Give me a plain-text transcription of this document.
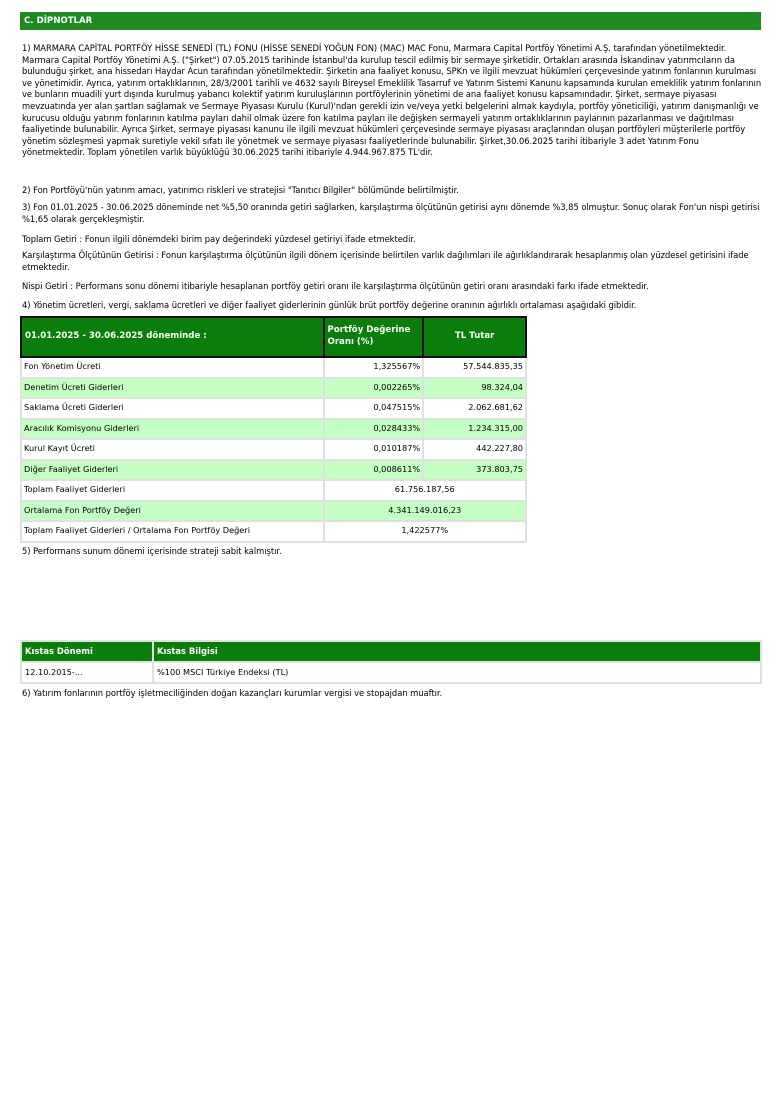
C. DİPNOTLAR
1) MARMARA CAPİTAL PORTFÖY HİSSE SENEDİ (TL) FONU (HİSSE SENEDİ YOĞUN FON) (MAC) MAC Fonu, Marmara Capital Portföy Yönetimi A.Ş. tarafından yönetilmektedir. Marmara Capital Portföy Yönetimi A.Ş. ("Şirket") 07.05.2015 tarihinde İstanbul'da kurulup tescil edilmiş bir sermaye şirketidir. Ortakları arasında İskandinav yatırımcıların da bulunduğu şirket, ana hissedarı Haydar Acun tarafından yönetilmektedir. Şirketin ana faaliyet konusu, SPKn ve ilgili mevzuat hükümleri çerçevesinde yatırım fonlarının kurulması ve yönetimidir. Ayrıca, yatırım ortaklıklarının, 28/3/2001 tarihli ve 4632 sayılı Bireysel Emeklilik Tasarruf ve Yatırım Sistemi Kanunu kapsamında kurulan emeklilik yatırım fonlarının ve bunların muadili yurt dışında kurulmuş yabancı kolektif yatırım kuruluşlarının portföylerinin yönetimi de ana faaliyet konusu kapsamındadır. Şirket, sermaye piyasası mevzuatında yer alan şartları sağlamak ve Sermaye Piyasası Kurulu (Kurul)'ndan gerekli izin ve/veya yetki belgelerini almak kaydıyla, portföy yöneticiliği, yatırım danışmanlığı ve kurucusu olduğu yatırım fonlarının katılma payları dahil olmak üzere fon katılma payları ile değişken sermayeli yatırım ortaklıklarının paylarının pazarlanması ve dağıtılması faaliyetinde bulunabilir. Ayrıca Şirket, sermaye piyasası kanunu ile ilgili mevzuat hükümleri çerçevesinde sermaye piyasası araçlarından oluşan portföyleri müşterilerle portföy yönetim sözleşmesi yapmak suretiyle vekil sıfatı ile yönetmek ve sermaye piyasası faaliyetlerinde bulunabilir. Şirket,30.06.2025 tarihi itibariyle 3 adet Yatırım Fonu yönetmektedir. Toplam yönetilen varlık büyüklüğü 30.06.2025 tarihi itibariyle 4.944.967.875 TL'dir.
2) Fon Portföyü'nün yatırım amacı, yatırımcı riskleri ve stratejisi "Tanıtıcı Bilgiler" bölümünde belirtilmiştir.
3) Fon 01.01.2025 - 30.06.2025 döneminde net %5,50 oranında getiri sağlarken, karşılaştırma ölçütünün getirisi aynı dönemde %3,85 olmuştur. Sonuç olarak Fon'un nispi getirisi %1,65 olarak gerçekleşmiştir.
Toplam Getiri : Fonun ilgili dönemdeki birim pay değerindeki yüzdesel getiriyi ifade etmektedir.
Karşılaştırma Ölçütünün Getirisi : Fonun karşılaştırma ölçütünün ilgili dönem içerisinde belirtilen varlık dağılımları ile ağırlıklandırarak hesaplanmış olan yüzdesel getirisini ifade etmektedir.
Nispi Getiri : Performans sonu dönemi itibariyle hesaplanan portföy getiri oranı ile karşılaştırma ölçütünün getiri oranı arasındaki farkı ifade etmektedir.
4) Yönetim ücretleri, vergi, saklama ücretleri ve diğer faaliyet giderlerinin günlük brüt portföy değerine oranının ağırlıklı ortalaması aşağıdaki gibidir.
01.01.2025 - 30.06.2025 döneminde :	Portföy Değerine Oranı (%)	TL Tutar
Fon Yönetim Ücreti	1,325567%	57.544.835,35
Denetim Ücreti Giderleri	0,002265%	98.324,04
Saklama Ücreti Giderleri	0,047515%	2.062.681,62
Aracılık Komisyonu Giderleri	0,028433%	1.234.315,00
Kurul Kayıt Ücreti	0,010187%	442.227,80
Diğer Faaliyet Giderleri	0,008611%	373.803,75
Toplam Faaliyet Giderleri	61.756.187,56	
Ortalama Fon Portföy Değeri	4.341.149.016,23	
Toplam Faaliyet Giderleri / Ortalama Fon Portföy Değeri	1,422577%	
5) Performans sunum dönemi içerisinde strateji sabit kalmıştır.
Kıstas Dönemi	Kıstas Bilgisi
12.10.2015-...	%100 MSCI Türkiye Endeksi (TL)
6) Yatırım fonlarının portföy işletmeciliğinden doğan kazançları kurumlar vergisi ve stopajdan muaftır.
